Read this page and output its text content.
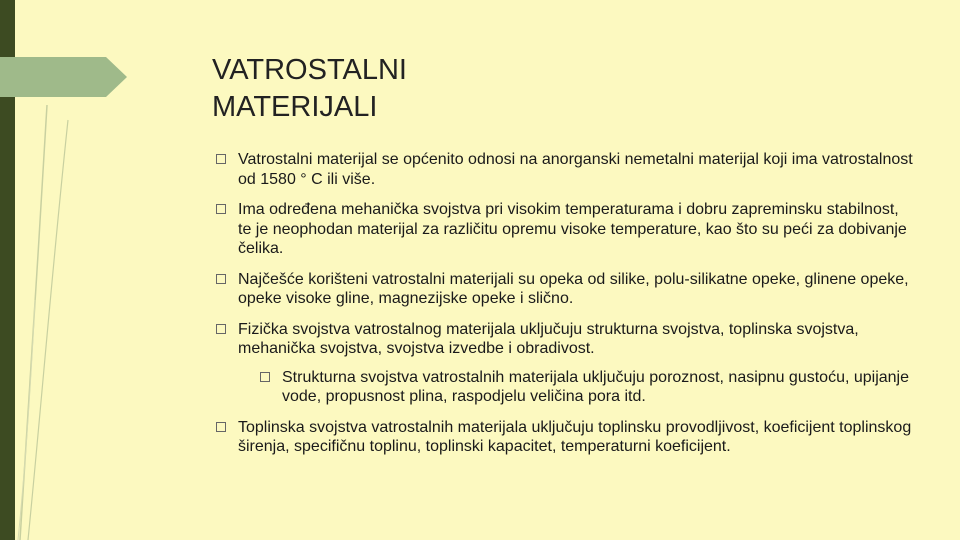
VATROSTALNI
MATERIJALI
Vatrostalni materijal se općenito odnosi na anorganski nemetalni materijal koji ima vatrostalnost od 1580 ° C ili više.
Ima određena mehanička svojstva pri visokim temperaturama i dobru zapreminsku stabilnost, te je neophodan materijal za različitu opremu visoke temperature, kao što su peći za dobivanje čelika.
Najčešće korišteni vatrostalni materijali su opeka od silike, polu-silikatne opeke, glinene opeke, opeke visoke gline, magnezijske opeke i slično.
Fizička svojstva vatrostalnog materijala uključuju strukturna svojstva, toplinska svojstva, mehanička svojstva, svojstva izvedbe i obradivost.
Strukturna svojstva vatrostalnih materijala uključuju poroznost, nasipnu gustoću, upijanje vode, propusnost plina, raspodjelu veličina pora itd.
Toplinska svojstva vatrostalnih materijala uključuju toplinsku provodljivost, koeficijent toplinskog širenja, specifičnu toplinu, toplinski kapacitet, temperaturni koeficijent.
